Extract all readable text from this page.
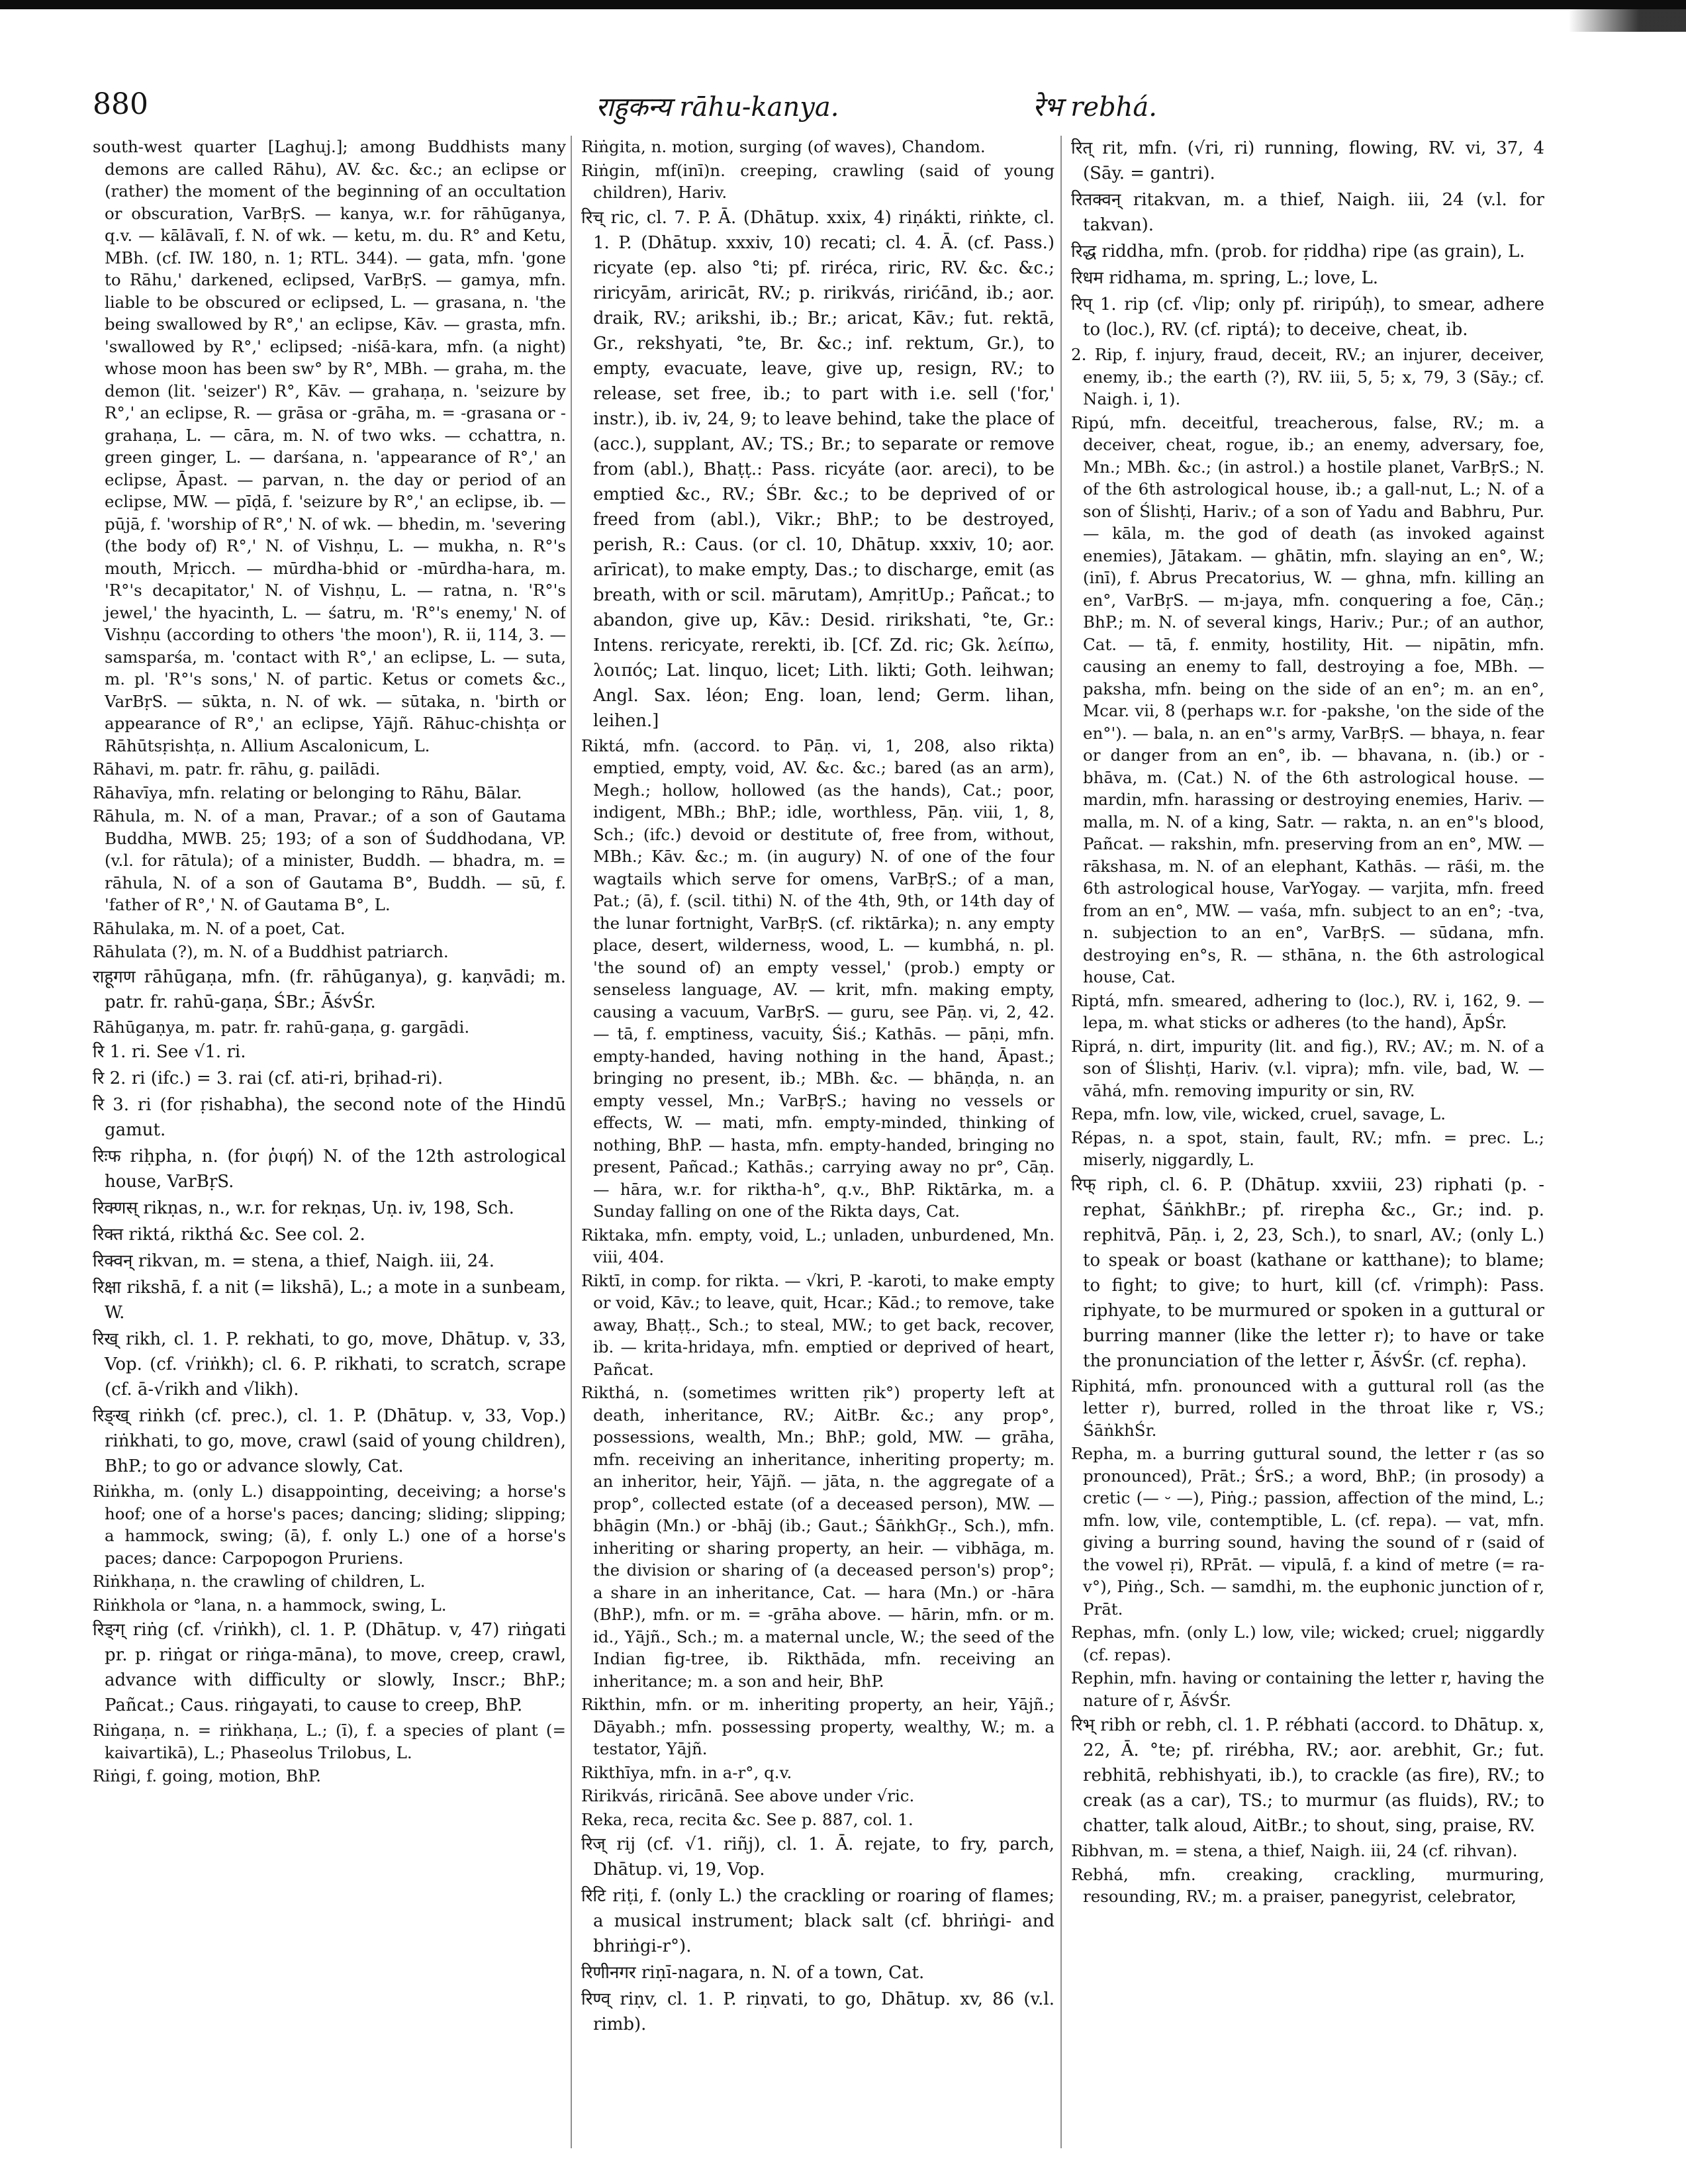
880	राहुकन्य rāhu-kanya.	रेभ rebhá.

south-west quarter [Laghuj.]; among Buddhists many demons are called Rāhu), AV. &c. &c.; an eclipse or (rather) the moment of the beginning of an occultation or obscuration, VarBṛS. — kanya, w.r. for rāhūganya, q.v. — kālāvalī, f. N. of wk. — ketu, m. du. R° and Ketu, MBh. (cf. IW. 180, n. 1; RTL. 344). — gata, mfn. 'gone to Rāhu,' darkened, eclipsed, VarBṛS. — gamya, mfn. liable to be obscured or eclipsed, L. — grasana, n. 'the being swallowed by R°,' an eclipse, Kāv. — grasta, mfn. 'swallowed by R°,' eclipsed; -niśā-kara, mfn. (a night) whose moon has been sw° by R°, MBh. — graha, m. the demon (lit. 'seizer') R°, Kāv. — grahaṇa, n. 'seizure by R°,' an eclipse, R. — grāsa or -grāha, m. = -grasana or -grahaṇa, L. — cāra, m. N. of two wks. — cchattra, n. green ginger, L. — darśana, n. 'appearance of R°,' an eclipse, Āpast. — parvan, n. the day or period of an eclipse, MW. — pīḍā, f. 'seizure by R°,' an eclipse, ib. — pūjā, f. 'worship of R°,' N. of wk. — bhedin, m. 'severing (the body of) R°,' N. of Vishṇu, L. — mukha, n. R°'s mouth, Mṛicch. — mūrdha-bhid or -mūrdha-hara, m. 'R°'s decapitator,' N. of Vishṇu, L. — ratna, n. 'R°'s jewel,' the hyacinth, L. — śatru, m. 'R°'s enemy,' N. of Vishṇu (according to others 'the moon'), R. ii, 114, 3. — samsparśa, m. 'contact with R°,' an eclipse, L. — suta, m. pl. 'R°'s sons,' N. of partic. Ketus or comets &c., VarBṛS. — sūkta, n. N. of wk. — sūtaka, n. 'birth or appearance of R°,' an eclipse, Yājñ. Rāhuc-chishṭa or Rāhūtsṛishṭa, n. Allium Ascalonicum, L.

Rāhavi, m. patr. fr. rāhu, g. pailādi.

Rāhavīya, mfn. relating or belonging to Rāhu, Bālar.

Rāhula, m. N. of a man, Pravar.; of a son of Gautama Buddha, MWB. 25; 193; of a son of Śuddhodana, VP. (v.l. for rātula); of a minister, Buddh. — bhadra, m. = rāhula, N. of a son of Gautama B°, Buddh. — sū, f. 'father of R°,' N. of Gautama B°, L.

Rāhulaka, m. N. of a poet, Cat.

Rāhulata (?), m. N. of a Buddhist patriarch.

राहूगण rāhūgaṇa, mfn. (fr. rāhūganya), g. kaṇvādi; m. patr. fr. rahū-gaṇa, ŚBr.; ĀśvŚr.

Rāhūgaṇya, m. patr. fr. rahū-gaṇa, g. gargādi.

रि 1. ri. See √1. ri.

रि 2. ri (ifc.) = 3. rai (cf. ati-ri, bṛihad-ri).

रि 3. ri (for ṛishabha), the second note of the Hindū gamut.

रिःफ riḥpha, n. (for ῥιφή) N. of the 12th astrological house, VarBṛS.

रिक्णस् rikṇas, n., w.r. for rekṇas, Uṇ. iv, 198, Sch.

रिक्त riktá, rikthá &c. See col. 2.

रिक्वन् rikvan, m. = stena, a thief, Naigh. iii, 24.

रिक्षा rikshā, f. a nit (= likshā), L.; a mote in a sunbeam, W.

रिख् rikh, cl. 1. P. rekhati, to go, move, Dhātup. v, 33, Vop. (cf. √riṅkh); cl. 6. P. rikhati, to scratch, scrape (cf. ā-√rikh and √likh).

रिङ्ख् riṅkh (cf. prec.), cl. 1. P. (Dhātup. v, 33, Vop.) riṅkhati, to go, move, crawl (said of young children), BhP.; to go or advance slowly, Cat.

Riṅkha, m. (only L.) disappointing, deceiving; a horse's hoof; one of a horse's paces; dancing; sliding; slipping; a hammock, swing; (ā), f. only L.) one of a horse's paces; dance: Carpopogon Pruriens.

Riṅkhaṇa, n. the crawling of children, L.

Riṅkhola or °lana, n. a hammock, swing, L.

रिङ्ग् riṅg (cf. √riṅkh), cl. 1. P. (Dhātup. v, 47) riṅgati pr. p. riṅgat or riṅga-māna), to move, creep, crawl, advance with difficulty or slowly, Inscr.; BhP.; Pañcat.; Caus. riṅgayati, to cause to creep, BhP.

Riṅgaṇa, n. = riṅkhaṇa, L.; (ī), f. a species of plant (= kaivartikā), L.; Phaseolus Trilobus, L.

Riṅgi, f. going, motion, BhP.

Riṅgita, n. motion, surging (of waves), Chandom.

Riṅgin, mf(inī)n. creeping, crawling (said of young children), Hariv.

रिच् ric, cl. 7. P. Ā. (Dhātup. xxix, 4) riṇákti, riṅkte, cl. 1. P. (Dhātup. xxxiv, 10) recati; cl. 4. Ā. (cf. Pass.) ricyate (ep. also °ti; pf. riréca, riric, RV. &c. &c.; riricyām, ariricāt, RV.; p. ririkvás, ririćānd, ib.; aor. draik, RV.; arikshi, ib.; Br.; aricat, Kāv.; fut. rektā, Gr., rekshyati, °te, Br. &c.; inf. rektum, Gr.), to empty, evacuate, leave, give up, resign, RV.; to release, set free, ib.; to part with i.e. sell ('for,' instr.), ib. iv, 24, 9; to leave behind, take the place of (acc.), supplant, AV.; TS.; Br.; to separate or remove from (abl.), Bhaṭṭ.: Pass. ricyáte (aor. areci), to be emptied &c., RV.; ŚBr. &c.; to be deprived of or freed from (abl.), Vikr.; BhP.; to be destroyed, perish, R.: Caus. (or cl. 10, Dhātup. xxxiv, 10; aor. arīricat), to make empty, Das.; to discharge, emit (as breath, with or scil. mārutam), AmṛitUp.; Pañcat.; to abandon, give up, Kāv.: Desid. ririkshati, °te, Gr.: Intens. rericyate, rerekti, ib. [Cf. Zd. ric; Gk. λείπω, λοιπός; Lat. linquo, licet; Lith. likti; Goth. leihwan; Angl. Sax. léon; Eng. loan, lend; Germ. lihan, leihen.]

Riktá, mfn. (accord. to Pāṇ. vi, 1, 208, also rikta) emptied, empty, void, AV. &c. &c.; bared (as an arm), Megh.; hollow, hollowed (as the hands), Cat.; poor, indigent, MBh.; BhP.; idle, worthless, Pāṇ. viii, 1, 8, Sch.; (ifc.) devoid or destitute of, free from, without, MBh.; Kāv. &c.; m. (in augury) N. of one of the four wagtails which serve for omens, VarBṛS.; of a man, Pat.; (ā), f. (scil. tithi) N. of the 4th, 9th, or 14th day of the lunar fortnight, VarBṛS. (cf. riktārka); n. any empty place, desert, wilderness, wood, L. — kumbhá, n. pl. 'the sound of) an empty vessel,' (prob.) empty or senseless language, AV. — krit, mfn. making empty, causing a vacuum, VarBṛS. — guru, see Pāṇ. vi, 2, 42. — tā, f. emptiness, vacuity, Śiś.; Kathās. — pāṇi, mfn. empty-handed, having nothing in the hand, Āpast.; bringing no present, ib.; MBh. &c. — bhāṇḍa, n. an empty vessel, Mn.; VarBṛS.; having no vessels or effects, W. — mati, mfn. empty-minded, thinking of nothing, BhP. — hasta, mfn. empty-handed, bringing no present, Pañcad.; Kathās.; carrying away no pr°, Cāṇ. — hāra, w.r. for riktha-h°, q.v., BhP. Riktārka, m. a Sunday falling on one of the Rikta days, Cat.

Riktaka, mfn. empty, void, L.; unladen, unburdened, Mn. viii, 404.

Riktī, in comp. for rikta. — √kri, P. -karoti, to make empty or void, Kāv.; to leave, quit, Hcar.; Kād.; to remove, take away, Bhaṭṭ., Sch.; to steal, MW.; to get back, recover, ib. — krita-hridaya, mfn. emptied or deprived of heart, Pañcat.

Rikthá, n. (sometimes written ṛik°) property left at death, inheritance, RV.; AitBr. &c.; any prop°, possessions, wealth, Mn.; BhP.; gold, MW. — grāha, mfn. receiving an inheritance, inheriting property; m. an inheritor, heir, Yājñ. — jāta, n. the aggregate of a prop°, collected estate (of a deceased person), MW. — bhāgin (Mn.) or -bhāj (ib.; Gaut.; ŚāṅkhGṛ., Sch.), mfn. inheriting or sharing property, an heir. — vibhāga, m. the division or sharing of (a deceased person's) prop°; a share in an inheritance, Cat. — hara (Mn.) or -hāra (BhP.), mfn. or m. = -grāha above. — hārin, mfn. or m. id., Yājñ., Sch.; m. a maternal uncle, W.; the seed of the Indian fig-tree, ib. Rikthāda, mfn. receiving an inheritance; m. a son and heir, BhP.

Rikthin, mfn. or m. inheriting property, an heir, Yājñ.; Dāyabh.; mfn. possessing property, wealthy, W.; m. a testator, Yājñ.

Rikthīya, mfn. in a-r°, q.v.

Ririkvás, riricānā. See above under √ric.

Reka, reca, recita &c. See p. 887, col. 1.

रिज् rij (cf. √1. riñj), cl. 1. Ā. rejate, to fry, parch, Dhātup. vi, 19, Vop.

रिटि riṭi, f. (only L.) the crackling or roaring of flames; a musical instrument; black salt (cf. bhriṅgi- and bhriṅgi-r°).

रिणीनगर riṇī-nagara, n. N. of a town, Cat.

रिण्व् riṇv, cl. 1. P. riṇvati, to go, Dhātup. xv, 86 (v.l. rimb).

रित् rit, mfn. (√ri, ri) running, flowing, RV. vi, 37, 4 (Sāy. = gantri).

रितक्वन् ritakvan, m. a thief, Naigh. iii, 24 (v.l. for takvan).

रिद्ध riddha, mfn. (prob. for ṛiddha) ripe (as grain), L.

रिधम ridhama, m. spring, L.; love, L.

रिप् 1. rip (cf. √lip; only pf. riripúḥ), to smear, adhere to (loc.), RV. (cf. riptá); to deceive, cheat, ib.

2. Rip, f. injury, fraud, deceit, RV.; an injurer, deceiver, enemy, ib.; the earth (?), RV. iii, 5, 5; x, 79, 3 (Sāy.; cf. Naigh. i, 1).

Ripú, mfn. deceitful, treacherous, false, RV.; m. a deceiver, cheat, rogue, ib.; an enemy, adversary, foe, Mn.; MBh. &c.; (in astrol.) a hostile planet, VarBṛS.; N. of the 6th astrological house, ib.; a gall-nut, L.; N. of a son of Ślishṭi, Hariv.; of a son of Yadu and Babhru, Pur. — kāla, m. the god of death (as invoked against enemies), Jātakam. — ghātin, mfn. slaying an en°, W.; (inī), f. Abrus Precatorius, W. — ghna, mfn. killing an en°, VarBṛS. — m-jaya, mfn. conquering a foe, Cāṇ.; BhP.; m. N. of several kings, Hariv.; Pur.; of an author, Cat. — tā, f. enmity, hostility, Hit. — nipātin, mfn. causing an enemy to fall, destroying a foe, MBh. — paksha, mfn. being on the side of an en°; m. an en°, Mcar. vii, 8 (perhaps w.r. for -pakshe, 'on the side of the en°'). — bala, n. an en°'s army, VarBṛS. — bhaya, n. fear or danger from an en°, ib. — bhavana, n. (ib.) or -bhāva, m. (Cat.) N. of the 6th astrological house. — mardin, mfn. harassing or destroying enemies, Hariv. — malla, m. N. of a king, Satr. — rakta, n. an en°'s blood, Pañcat. — rakshin, mfn. preserving from an en°, MW. — rākshasa, m. N. of an elephant, Kathās. — rāśi, m. the 6th astrological house, VarYogay. — varjita, mfn. freed from an en°, MW. — vaśa, mfn. subject to an en°; -tva, n. subjection to an en°, VarBṛS. — sūdana, mfn. destroying en°s, R. — sthāna, n. the 6th astrological house, Cat.

Riptá, mfn. smeared, adhering to (loc.), RV. i, 162, 9. — lepa, m. what sticks or adheres (to the hand), ĀpŚr.

Riprá, n. dirt, impurity (lit. and fig.), RV.; AV.; m. N. of a son of Ślishṭi, Hariv. (v.l. vipra); mfn. vile, bad, W. — vāhá, mfn. removing impurity or sin, RV.

Repa, mfn. low, vile, wicked, cruel, savage, L.

Répas, n. a spot, stain, fault, RV.; mfn. = prec. L.; miserly, niggardly, L.

रिफ् riph, cl. 6. P. (Dhātup. xxviii, 23) riphati (p. -rephat, ŚāṅkhBr.; pf. rirepha &c., Gr.; ind. p. rephitvā, Pāṇ. i, 2, 23, Sch.), to snarl, AV.; (only L.) to speak or boast (kathane or katthane); to blame; to fight; to give; to hurt, kill (cf. √rimph): Pass. riphyate, to be murmured or spoken in a guttural or burring manner (like the letter r); to have or take the pronunciation of the letter r, ĀśvŚr. (cf. repha).

Riphitá, mfn. pronounced with a guttural roll (as the letter r), burred, rolled in the throat like r, VS.; ŚāṅkhŚr.

Repha, m. a burring guttural sound, the letter r (as so pronounced), Prāt.; ŚrS.; a word, BhP.; (in prosody) a cretic (— ⏑ —), Piṅg.; passion, affection of the mind, L.; mfn. low, vile, contemptible, L. (cf. repa). — vat, mfn. giving a burring sound, having the sound of r (said of the vowel ṛi), RPrāt. — vipulā, f. a kind of metre (= ra-v°), Piṅg., Sch. — samdhi, m. the euphonic junction of r, Prāt.

Rephas, mfn. (only L.) low, vile; wicked; cruel; niggardly (cf. repas).

Rephin, mfn. having or containing the letter r, having the nature of r, ĀśvŚr.

रिभ् ribh or rebh, cl. 1. P. rébhati (accord. to Dhātup. x, 22, Ā. °te; pf. rirébha, RV.; aor. arebhit, Gr.; fut. rebhitā, rebhishyati, ib.), to crackle (as fire), RV.; to creak (as a car), TS.; to murmur (as fluids), RV.; to chatter, talk aloud, AitBr.; to shout, sing, praise, RV.

Ribhvan, m. = stena, a thief, Naigh. iii, 24 (cf. rihvan).

Rebhá, mfn. creaking, crackling, murmuring, resounding, RV.; m. a praiser, panegyrist, celebrator,
